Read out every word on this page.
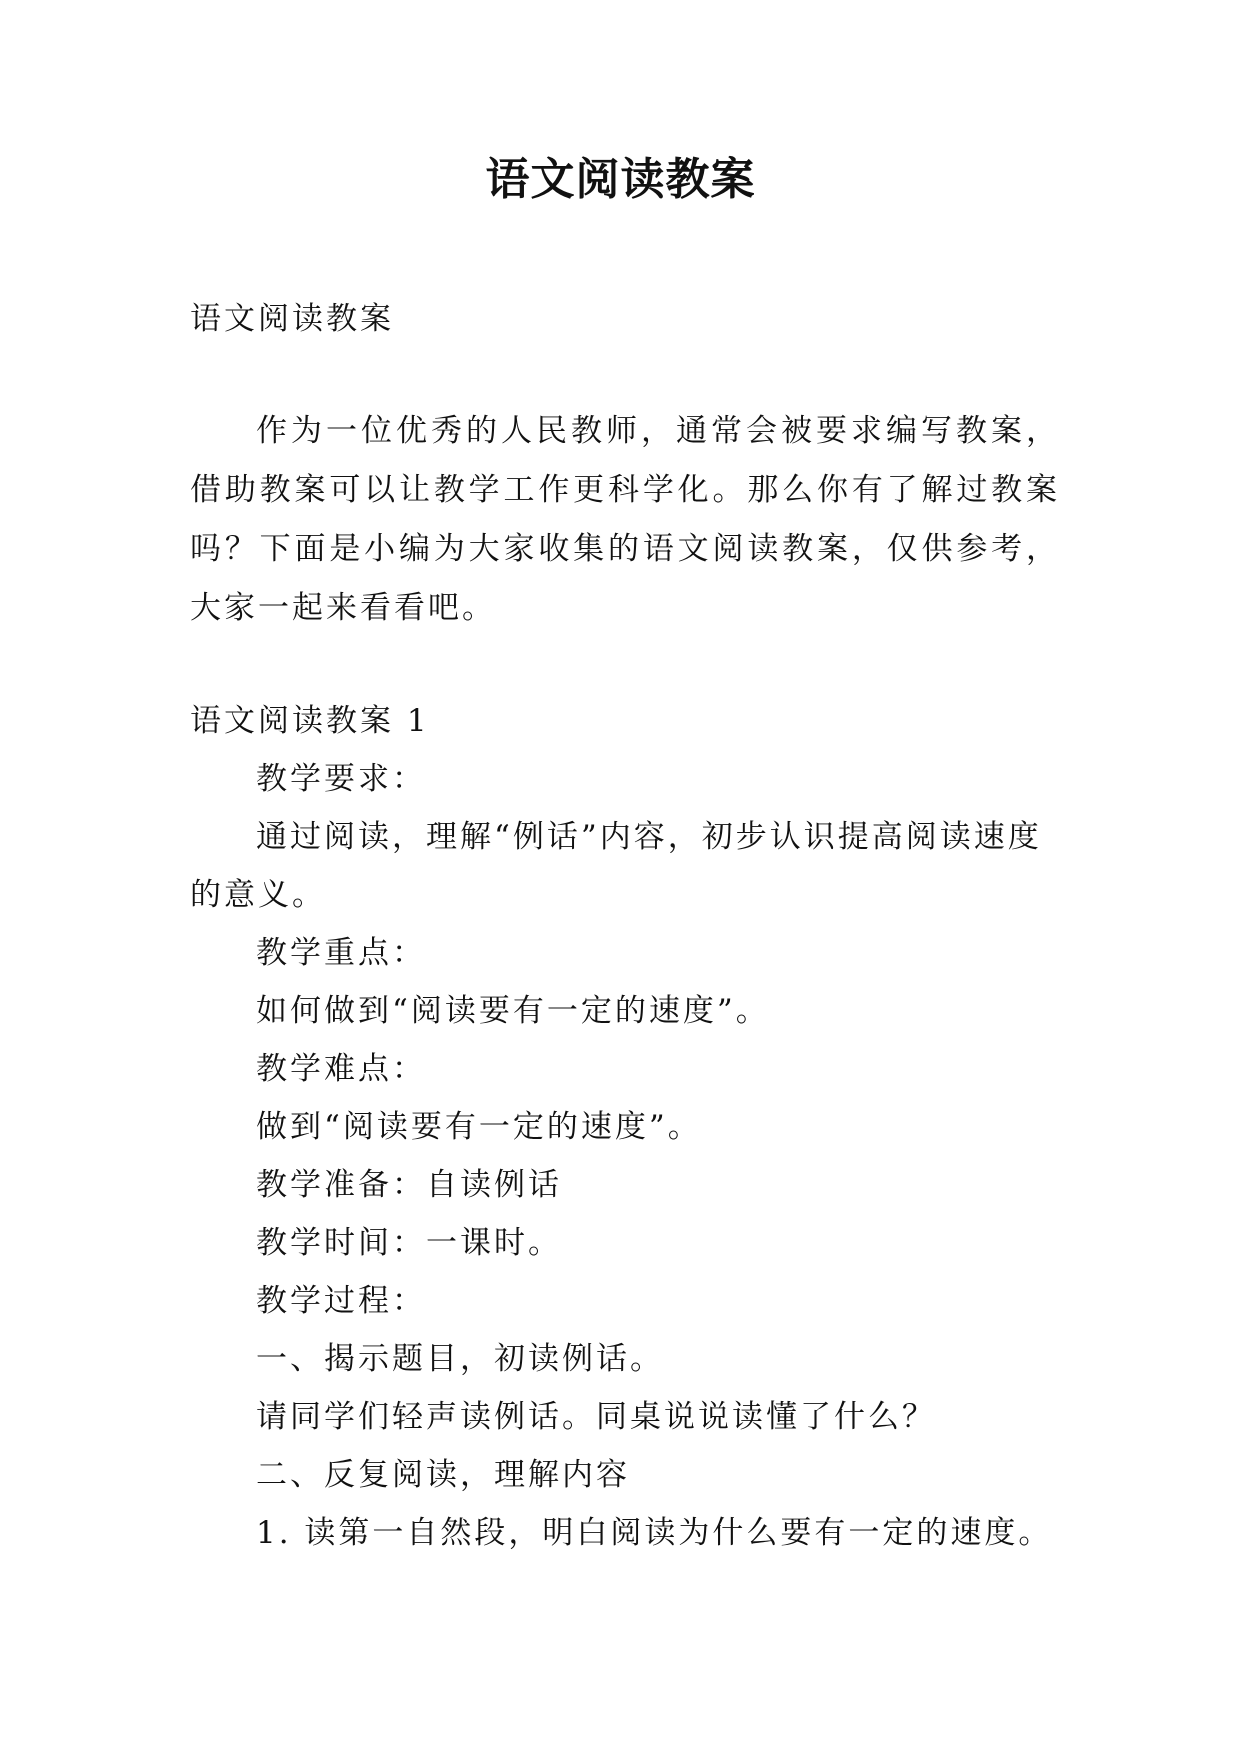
语文阅读教案

语文阅读教案

作为一位优秀的人民教师，通常会被要求编写教案，借助教案可以让教学工作更科学化。那么你有了解过教案吗？下面是小编为大家收集的语文阅读教案，仅供参考，大家一起来看看吧。

语文阅读教案 1

教学要求：

通过阅读，理解“例话”内容，初步认识提高阅读速度

的意义。

教学重点：

如何做到“阅读要有一定的速度”。

教学难点：

做到“阅读要有一定的速度”。

教学准备：自读例话

教学时间：一课时。

教学过程：

一、揭示题目，初读例话。

请同学们轻声读例话。同桌说说读懂了什么？

二、反复阅读，理解内容

1. 读第一自然段，明白阅读为什么要有一定的速度。
